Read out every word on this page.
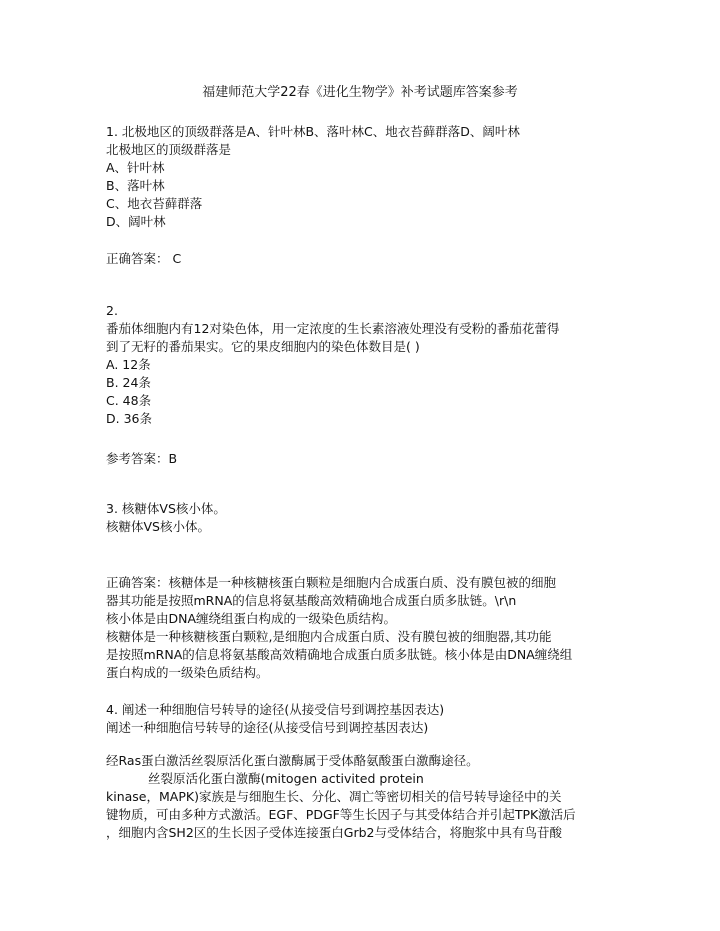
福建师范大学22春《进化生物学》补考试题库答案参考
1. 北极地区的顶级群落是A、针叶林B、落叶林C、地衣苔藓群落D、阔叶林
北极地区的顶级群落是
A、针叶林
B、落叶林
C、地衣苔藓群落
D、阔叶林
正确答案： C
2.
番茄体细胞内有12对染色体，用一定浓度的生长素溶液处理没有受粉的番茄花蕾得
到了无籽的番茄果实。它的果皮细胞内的染色体数目是( )
A. 12条
B. 24条
C. 48条
D. 36条
参考答案：B
3. 核糖体VS核小体。
核糖体VS核小体。
正确答案：核糖体是一种核糖核蛋白颗粒是细胞内合成蛋白质、没有膜包被的细胞
器其功能是按照mRNA的信息将氨基酸高效精确地合成蛋白质多肽链。\r\n
核小体是由DNA缠绕组蛋白构成的一级染色质结构。
核糖体是一种核糖核蛋白颗粒,是细胞内合成蛋白质、没有膜包被的细胞器,其功能
是按照mRNA的信息将氨基酸高效精确地合成蛋白质多肽链。核小体是由DNA缠绕组
蛋白构成的一级染色质结构。
4. 阐述一种细胞信号转导的途径(从接受信号到调控基因表达)
阐述一种细胞信号转导的途径(从接受信号到调控基因表达)
经Ras蛋白激活丝裂原活化蛋白激酶属于受体酪氨酸蛋白激酶途径。
丝裂原活化蛋白激酶(mitogen activited protein
kinase，MAPK)家族是与细胞生长、分化、凋亡等密切相关的信号转导途径中的关
键物质，可由多种方式激活。EGF、PDGF等生长因子与其受体结合并引起TPK激活后
，细胞内含SH2区的生长因子受体连接蛋白Grb2与受体结合，将胞浆中具有鸟苷酸
